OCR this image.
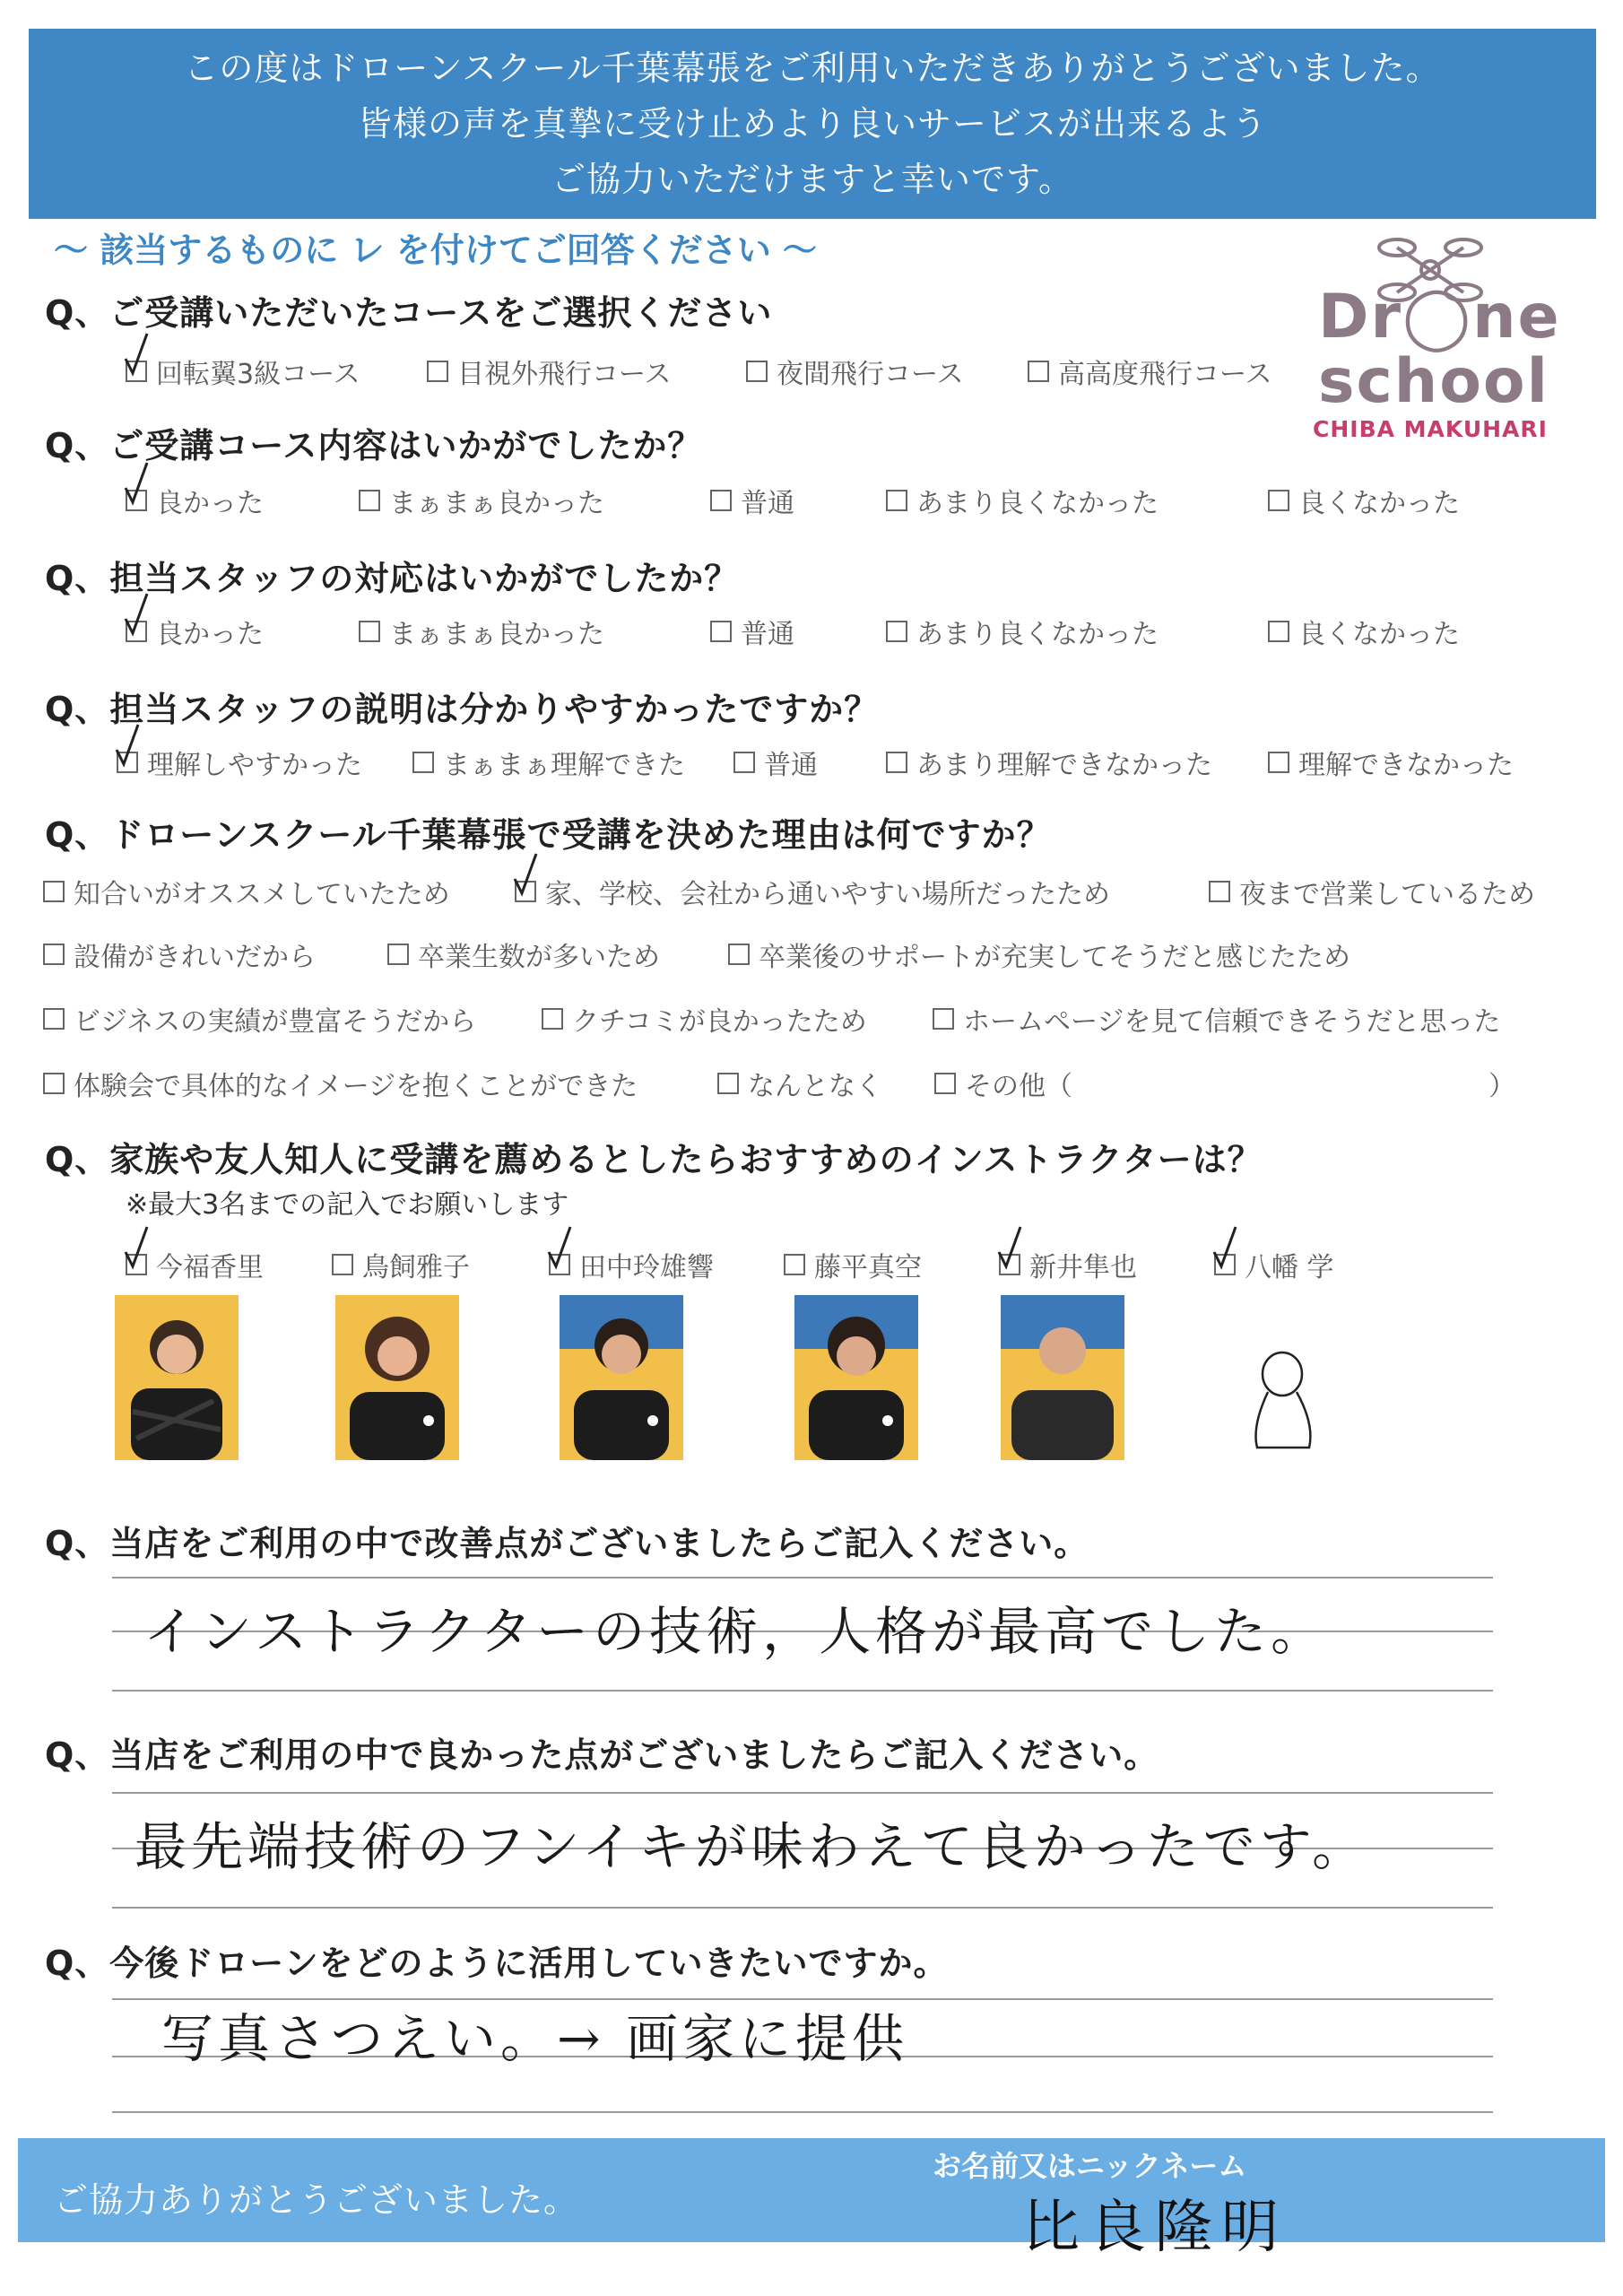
この度はドローンスクール千葉幕張をご利用いただきありがとうございました。
皆様の声を真摯に受け止めより良いサービスが出来るよう
ご協力いただけますと幸いです。
～ 該当するものに レ を付けてご回答ください ～
Dr◯ne
school
CHIBA MAKUHARI
Q、ご受講いただいたコースをご選択ください
回転翼3級コース	目視外飛行コース	夜間飛行コース	高高度飛行コース
Q、ご受講コース内容はいかがでしたか？
良かった	まぁまぁ良かった	普通	あまり良くなかった	良くなかった
Q、担当スタッフの対応はいかがでしたか？
良かった	まぁまぁ良かった	普通	あまり良くなかった	良くなかった
Q、担当スタッフの説明は分かりやすかったですか？
理解しやすかった	まぁまぁ理解できた	普通	あまり理解できなかった	理解できなかった
Q、ドローンスクール千葉幕張で受講を決めた理由は何ですか？
知合いがオススメしていたため	家、学校、会社から通いやすい場所だったため	夜まで営業しているため
設備がきれいだから	卒業生数が多いため	卒業後のサポートが充実してそうだと感じたため
ビジネスの実績が豊富そうだから	クチコミが良かったため	ホームページを見て信頼できそうだと思った
体験会で具体的なイメージを抱くことができた	なんとなく	その他（	）
Q、家族や友人知人に受講を薦めるとしたらおすすめのインストラクターは？
※最大3名までの記入でお願いします
今福香里	鳥飼雅子	田中玲雄響	藤平真空	新井隼也	八幡 学
Q、当店をご利用の中で改善点がございましたらご記入ください。
インストラクターの技術，人格が最高でした。
Q、当店をご利用の中で良かった点がございましたらご記入ください。
最先端技術のフンイキが味わえて良かったです。
Q、今後ドローンをどのように活用していきたいですか。
写真さつえい。→ 画家に提供
ご協力ありがとうございました。
お名前又はニックネーム
比良隆明
